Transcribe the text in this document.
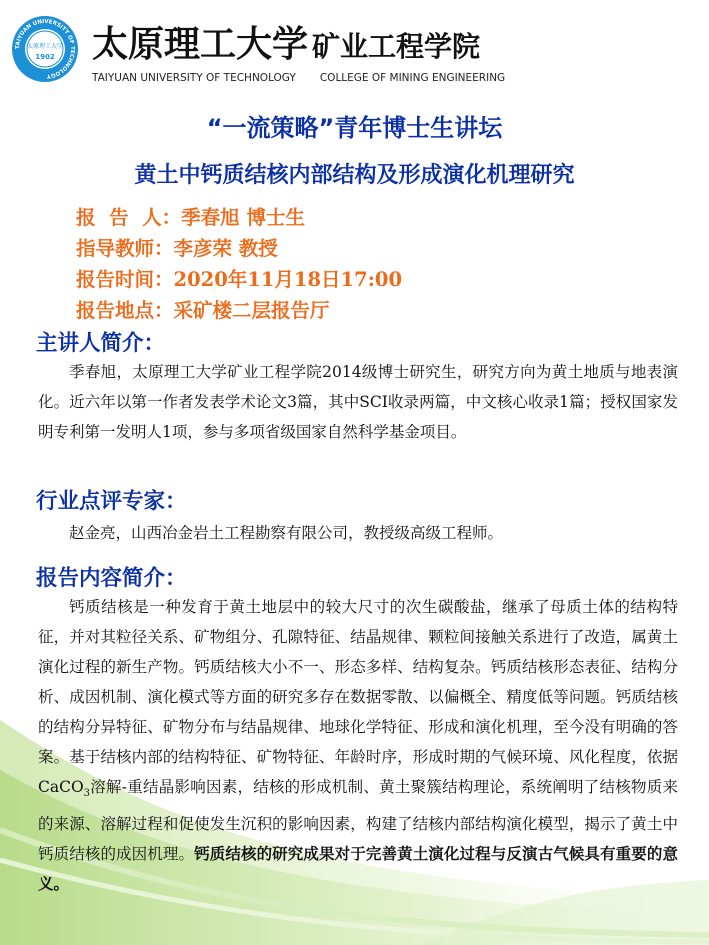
TAIYUAN UNIVERSITY OF TECHNOLOGY
太原理工大学
1902 太原理工大学 矿业工程学院
TAIYUAN UNIVERSITY OF TECHNOLOGY COLLEGE OF MINING ENGINEERING
“一流策略”青年博士生讲坛
黄土中钙质结核内部结构及形成演化机理研究
报  告  人：季春旭 博士生
指导教师：李彦荣 教授
报告时间：2020年11月18日17:00
报告地点：采矿楼二层报告厅
主讲人简介：
季春旭，太原理工大学矿业工程学院2014级博士研究生，研究方向为黄土地质与地表演化。近六年以第一作者发表学术论文3篇，其中SCI收录两篇，中文核心收录1篇；授权国家发明专利第一发明人1项，参与多项省级国家自然科学基金项目。
行业点评专家：
赵金亮，山西冶金岩土工程勘察有限公司，教授级高级工程师。
报告内容简介：
钙质结核是一种发育于黄土地层中的较大尺寸的次生碳酸盐，继承了母质土体的结构特征，并对其粒径关系、矿物组分、孔隙特征、结晶规律、颗粒间接触关系进行了改造，属黄土演化过程的新生产物。钙质结核大小不一、形态多样、结构复杂。钙质结核形态表征、结构分析、成因机制、演化模式等方面的研究多存在数据零散、以偏概全、精度低等问题。钙质结核的结构分异特征、矿物分布与结晶规律、地球化学特征、形成和演化机理，至今没有明确的答案。基于结核内部的结构特征、矿物特征、年龄时序，形成时期的气候环境、风化程度，依据CaCO$_3$溶解-重结晶影响因素，结核的形成机制、黄土聚簇结构理论，系统阐明了结核物质来的来源、溶解过程和促使发生沉积的影响因素，构建了结核内部结构演化模型，揭示了黄土中钙质结核的成因机理。钙质结核的研究成果对于完善黄土演化过程与反演古气候具有重要的意义。
